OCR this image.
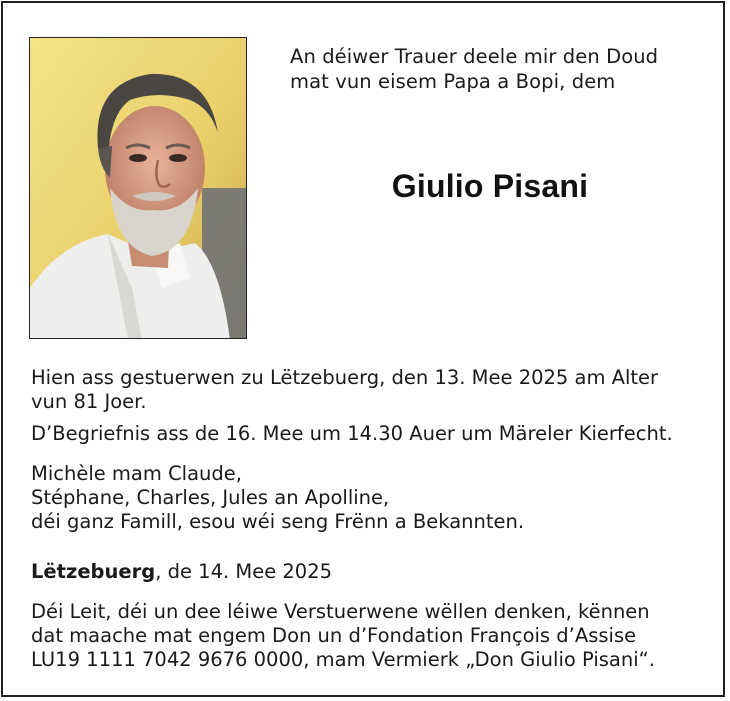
An déiwer Trauer deele mir den Doud
mat vun eisem Papa a Bopi, dem
Giulio Pisani
Hien ass gestuerwen zu Lëtzebuerg, den 13. Mee 2025 am Alter
vun 81 Joer.
D’Begriefnis ass de 16. Mee um 14.30 Auer um Märeler Kierfecht.
Michèle mam Claude,
Stéphane, Charles, Jules an Apolline,
déi ganz Famill, esou wéi seng Frënn a Bekannten.
Lëtzebuerg, de 14. Mee 2025
Déi Leit, déi un dee léiwe Verstuerwene wëllen denken, kënnen
dat maache mat engem Don un d’Fondation François d’Assise
LU19 1111 7042 9676 0000, mam Vermierk „Don Giulio Pisani“.
